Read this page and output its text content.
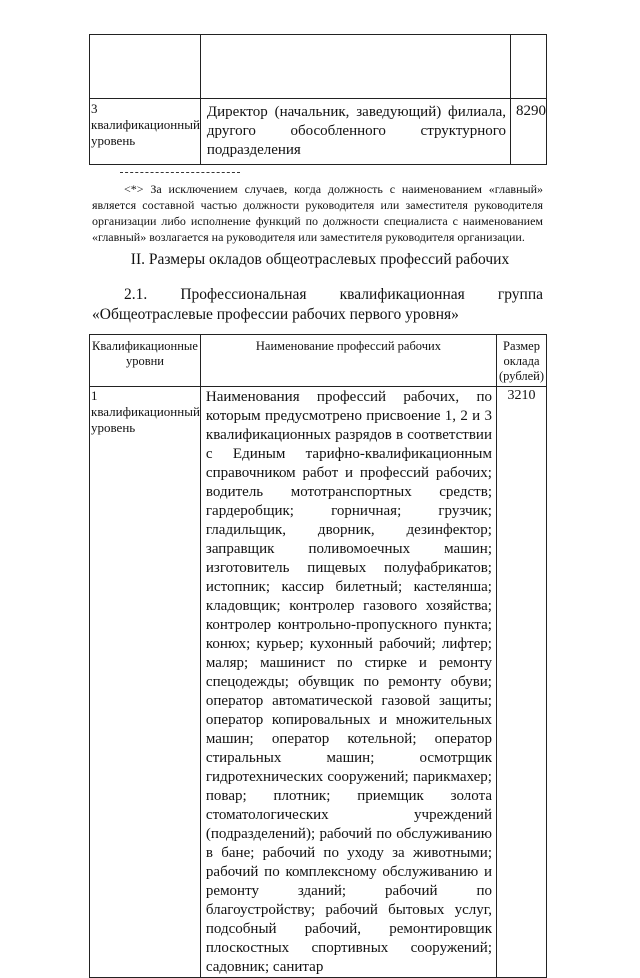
3 квалификационный уровень	Директор (начальник, заведующий) филиала, другого обособленного структурного подразделения	8290

<*> За исключением случаев, когда должность с наименованием «главный» является составной частью должности руководителя или заместителя руководителя организации либо исполнение функций по должности специалиста с наименованием «главный» возлагается на руководителя или заместителя руководителя организации.

II. Размеры окладов общеотраслевых профессий рабочих

2.1. Профессиональная квалификационная группа «Общеотраслевые профессии рабочих первого уровня»

Квалификационные уровни	Наименование профессий рабочих	Размер оклада (рублей)
1 квалификационный уровень	Наименования профессий рабочих, по которым предусмотрено присвоение 1, 2 и 3 квалификационных разрядов в соответствии с Единым тарифно-квалификационным справочником работ и профессий рабочих; водитель мототранспортных средств; гардеробщик; горничная; грузчик; гладильщик, дворник, дезинфектор; заправщик поливомоечных машин; изготовитель пищевых полуфабрикатов; истопник; кассир билетный; кастелянша; кладовщик; контролер газового хозяйства; контролер контрольно-пропускного пункта; конюх; курьер; кухонный рабочий; лифтер; маляр; машинист по стирке и ремонту спецодежды; обувщик по ремонту обуви; оператор автоматической газовой защиты; оператор копировальных и множительных машин; оператор котельной; оператор стиральных машин; осмотрщик гидротехнических сооружений; парикмахер; повар; плотник; приемщик золота стоматологических учреждений (подразделений); рабочий по обслуживанию в бане; рабочий по уходу за животными; рабочий по комплексному обслуживанию и ремонту зданий; рабочий по благоустройству; рабочий бытовых услуг, подсобный рабочий, ремонтировщик плоскостных спортивных сооружений; садовник; санитар	3210
